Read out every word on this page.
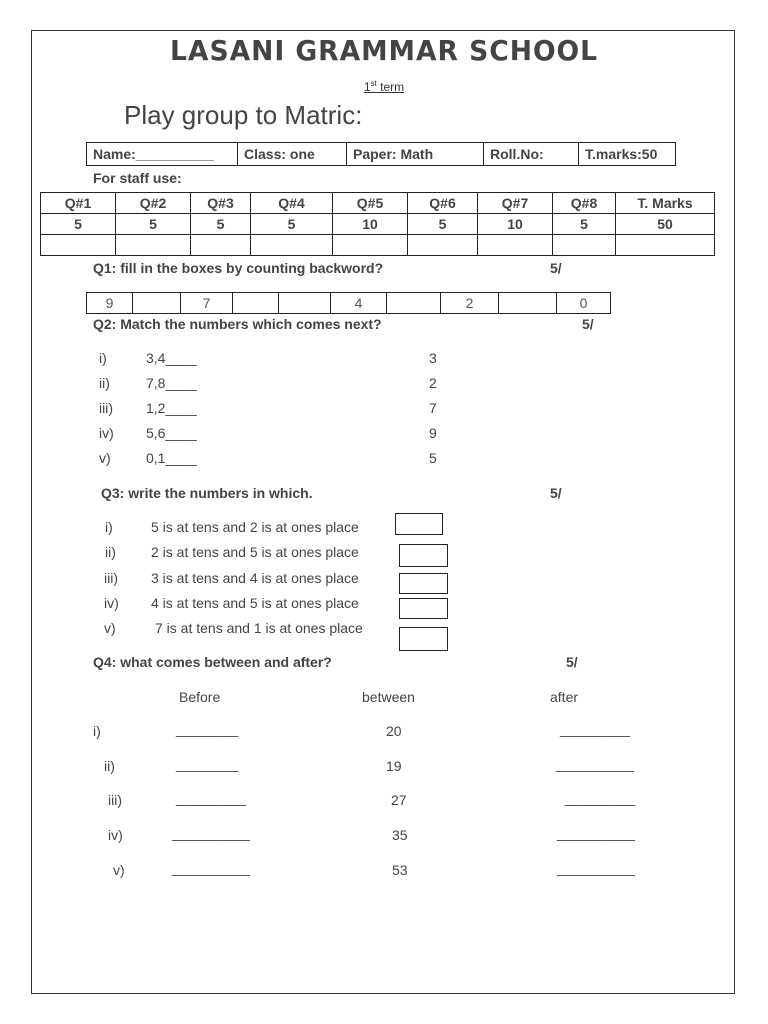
LASANI GRAMMAR SCHOOL
1st term
Play group to Matric:
Name:__________	Class: one	Paper: Math	Roll.No:	T.marks:50
For staff use:
Q#1	Q#2	Q#3	Q#4	Q#5	Q#6	Q#7	Q#8	T. Marks
5	5	5	5	10	5	10	5	50

Q1: fill in the boxes by counting backword?	5/
9		7			4		2		0
Q2: Match the numbers which comes next?	5/
i)	3,4____	3
ii)	7,8____	2
iii) 1,2____	7
iv) 5,6____	9
v)	0,1____	5
Q3: write the numbers in which.	5/
i)	5 is at tens and 2 is at ones place
ii)	2 is at tens and 5 is at ones place
iii) 3 is at tens and 4 is at ones place
iv) 4 is at tens and 5 is at ones place
v)	7 is at tens and 1 is at ones place
Q4: what comes between and after?	5/
Before	between	after
i)	________	20	_________
ii)	________	19	__________
iii)	_________	27	_________
iv)	__________	35	__________
v)	__________	53	__________
